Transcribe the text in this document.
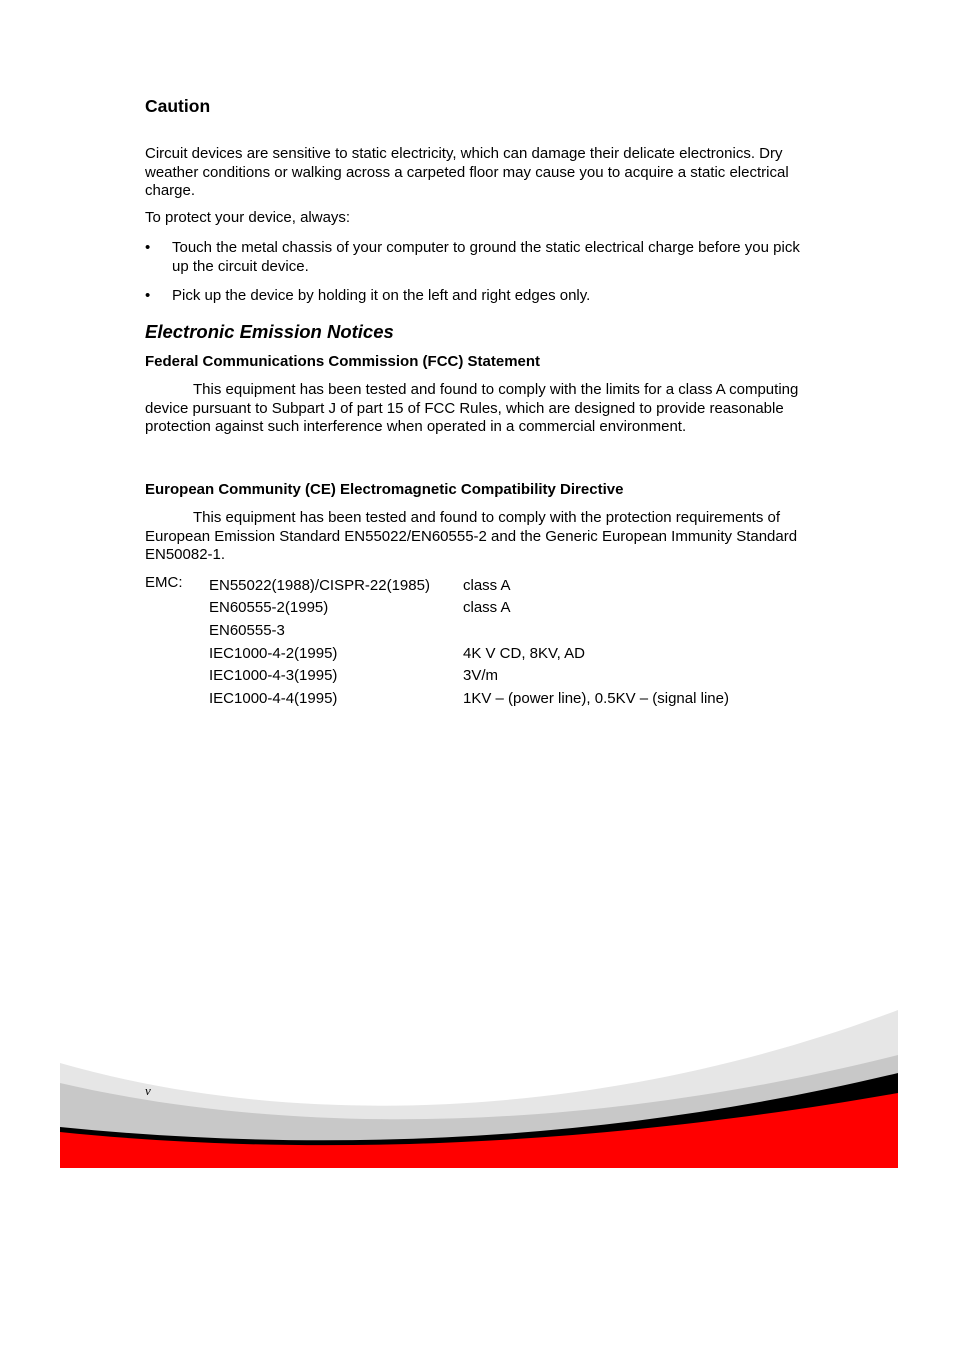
Caution

Circuit devices are sensitive to static electricity, which can damage their delicate electronics. Dry weather conditions or walking across a carpeted floor may cause you to acquire a static electrical charge.

To protect your device, always:

•	Touch the metal chassis of your computer to ground the static electrical charge before you pick up the circuit device.
•	Pick up the device by holding it on the left and right edges only.
Electronic Emission Notices
Federal Communications Commission (FCC) Statement

This equipment has been tested and found to comply with the limits for a class A computing device pursuant to Subpart J of part 15 of FCC Rules, which are designed to provide reasonable protection against such interference when operated in a commercial environment.

European Community (CE) Electromagnetic Compatibility Directive

This equipment has been tested and found to comply with the protection requirements of European Emission Standard EN55022/EN60555-2 and the Generic European Immunity Standard EN50082-1.

EMC: EN55022(1988)/CISPR-22(1985) class A
EN60555-2(1995)	class A
EN60555-3
IEC1000-4-2(1995)	4K V CD, 8KV, AD
IEC1000-4-3(1995)	3V/m
IEC1000-4-4(1995)	1KV – (power line), 0.5KV – (signal line)
v
